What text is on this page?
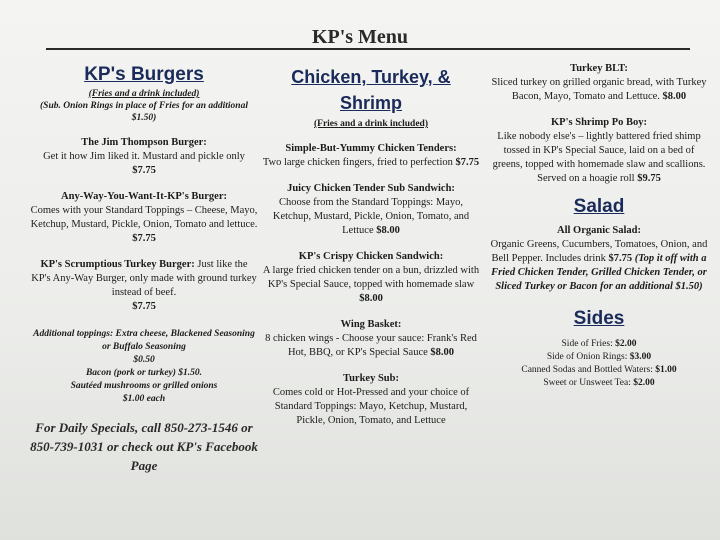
KP's Menu
KP's Burgers
(Fries and a drink included)
(Sub. Onion Rings in place of Fries for an additional $1.50)
The Jim Thompson Burger:
Get it how Jim liked it. Mustard and pickle only $7.75
Any-Way-You-Want-It-KP's Burger:
Comes with your Standard Toppings – Cheese, Mayo, Ketchup, Mustard, Pickle, Onion, Tomato and lettuce. $7.75
KP's Scrumptious Turkey Burger: Just like the KP's Any-Way Burger, only made with ground turkey instead of beef.
$7.75
Additional toppings: Extra cheese, Blackened Seasoning or Buffalo Seasoning
$0.50
Bacon (pork or turkey) $1.50.
Sautéed mushrooms or grilled onions
$1.00 each
For Daily Specials, call 850-273-1546 or 850-739-1031 or check out KP's Facebook Page
Chicken, Turkey, & Shrimp
(Fries and a drink included)
Simple-But-Yummy Chicken Tenders:
Two large chicken fingers, fried to perfection $7.75
Juicy Chicken Tender Sub Sandwich:
Choose from the Standard Toppings: Mayo, Ketchup, Mustard, Pickle, Onion, Tomato, and Lettuce $8.00
KP's Crispy Chicken Sandwich:
A large fried chicken tender on a bun, drizzled with KP's Special Sauce, topped with homemade slaw $8.00
Wing Basket:
8 chicken wings - Choose your sauce: Frank's Red Hot, BBQ, or KP's Special Sauce $8.00
Turkey Sub:
Comes cold or Hot-Pressed and your choice of Standard Toppings: Mayo, Ketchup, Mustard, Pickle, Onion, Tomato, and Lettuce
Turkey BLT:
Sliced turkey on grilled organic bread, with Turkey Bacon, Mayo, Tomato and Lettuce. $8.00
KP's Shrimp Po Boy:
Like nobody else's – lightly battered fried shimp tossed in KP's Special Sauce, laid on a bed of greens, topped with homemade slaw and scallions. Served on a hoagie roll $9.75
Salad
All Organic Salad:
Organic Greens, Cucumbers, Tomatoes, Onion, and Bell Pepper. Includes drink $7.75 (Top it off with a Fried Chicken Tender, Grilled Chicken Tender, or Sliced Turkey or Bacon for an additional $1.50)
Sides
Side of Fries: $2.00
Side of Onion Rings: $3.00
Canned Sodas and Bottled Waters: $1.00
Sweet or Unsweet Tea: $2.00
